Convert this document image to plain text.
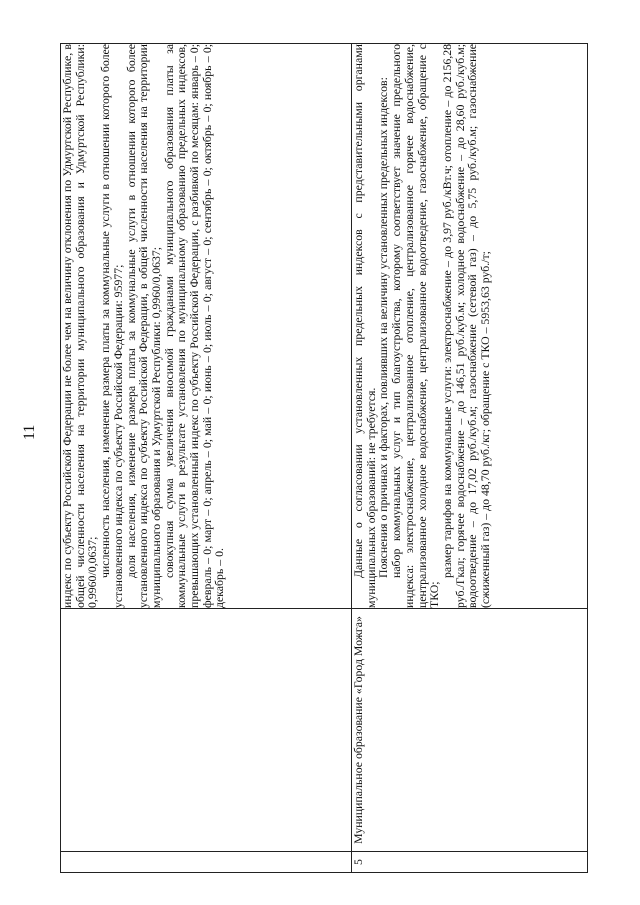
11

		индекс по субъекту Российской Федерации не более чем на величину отклонения по Удмуртской Республике, в общей численности населения на территории муниципального образования и Удмуртской Республики: 0,9960/0,0637;

численность населения, изменение размера платы за коммунальные услуги в отношении которого более установленного индекса по субъекту Российской Федерации: 95977;

доля населения, изменение размера платы за коммунальные услуги в отношении которого более установленного индекса по субъекту Российской Федерации, в общей численности населения на территории муниципального образования и Удмуртской Республики: 0,9960/0,0637;

совокупная сумма увеличения вносимой гражданами муниципального образования платы за коммунальные услуги в результате установления по муниципальному образованию предельных индексов, превышающих установленный индекс по субъекту Российской Федерации, с разбивкой по месяцам: январь – 0; февраль – 0; март – 0; апрель – 0; май – 0; июнь – 0; июль – 0; август – 0; сентябрь – 0; октябрь – 0; ноябрь – 0; декабрь – 0.

5	Муниципальное образование «Город Можга»	Данные о согласовании установленных предельных индексов с представительными органами муниципальных образований: не требуется.

Пояснения о причинах и факторах, повлиявших на величину установленных предельных индексов:

набор коммунальных услуг и тип благоустройства, которому соответствует значение предельного индекса: электроснабжение, централизованное отопление, централизованное горячее водоснабжение, централизованное холодное водоснабжение, централизованное водоотведение, газоснабжение, обращение с ТКО;

размер тарифов на коммунальные услуги: электроснабжение – до 3,97 руб./кВт.ч; отопление – до 2156,28 руб./Гкал; горячее водоснабжение – до 146,51 руб./куб.м; холодное водоснабжение – до 28,60 руб./куб.м; водоотведение – до 17,02 руб./куб.м; газоснабжение (сетевой газ) – до 5,75 руб./куб.м; газоснабжение (сжиженный газ) – до 48,70 руб./кг; обращение с ТКО – 5953,63 руб./т;
